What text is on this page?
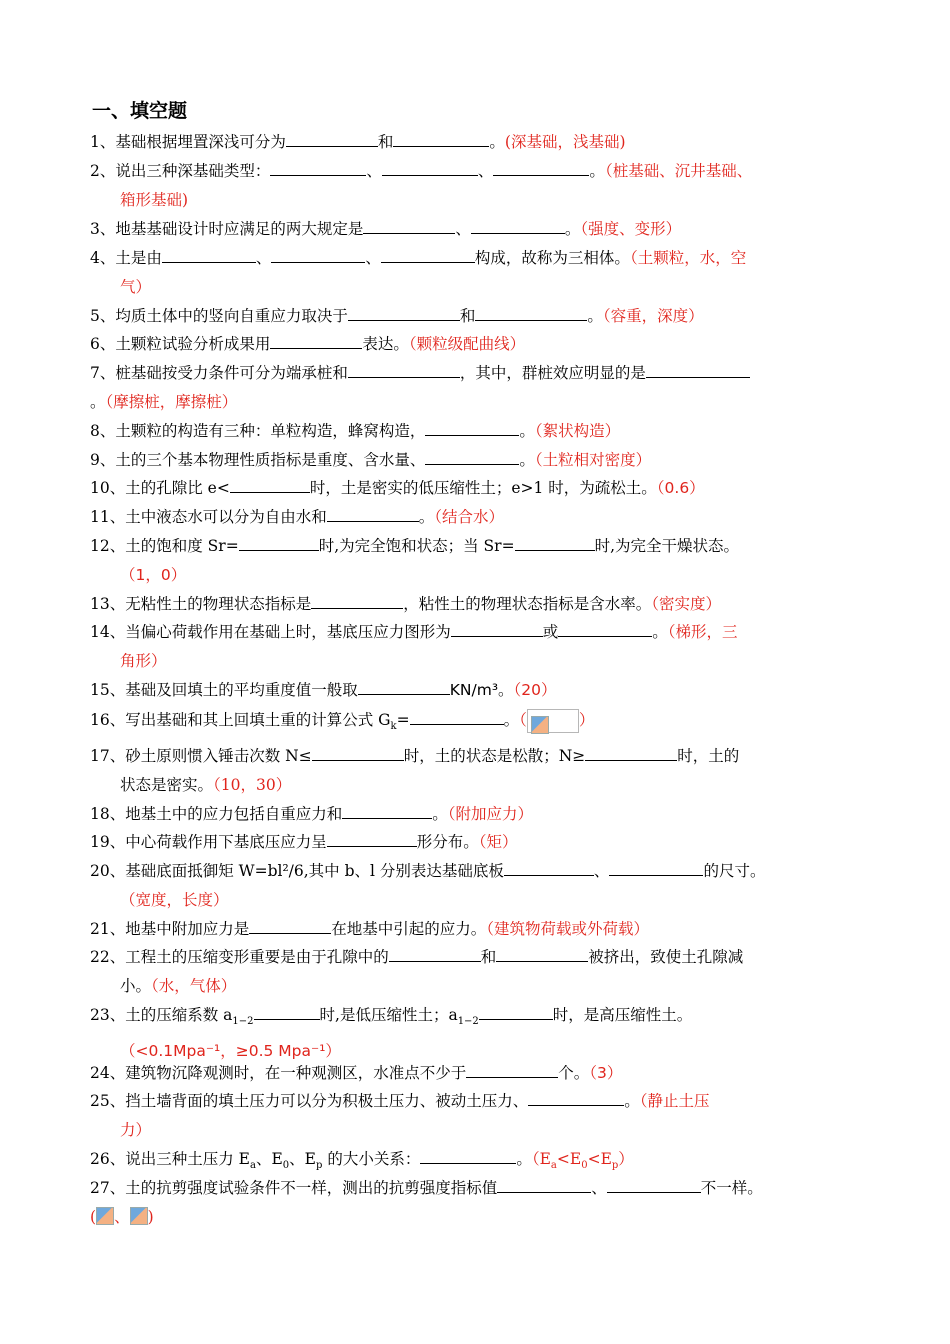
一、填空题
1、基础根据埋置深浅可分为	和	。(深基础，浅基础)
2、说出三种深基础类型：	、	、	。（桩基础、沉井基础、
箱形基础)
3、地基基础设计时应满足的两大规定是	、	。（强度、变形）
4、土是由	、	、	构成，故称为三相体。（土颗粒，水，空
气）
5、均质土体中的竖向自重应力取决于	和	。（容重，深度）
6、土颗粒试验分析成果用	表达。（颗粒级配曲线）
7、桩基础按受力条件可分为端承桩和	，其中，群桩效应明显的是
。（摩擦桩，摩擦桩）
8、土颗粒的构造有三种：单粒构造，蜂窝构造，	。（絮状构造）
9、土的三个基本物理性质指标是重度、含水量、	。（土粒相对密度）
10、土的孔隙比 e<	时，土是密实的低压缩性土；e>1 时，为疏松土。（0.6）
11、土中液态水可以分为自由水和	。（结合水）
12、土的饱和度 Sr=	时,为完全饱和状态；当 Sr=	时,为完全干燥状态。
（1，0）
13、无粘性土的物理状态指标是	，粘性土的物理状态指标是含水率。（密实度）
14、当偏心荷载作用在基础上时，基底压应力图形为	或	。（梯形，三
角形）
15、基础及回填土的平均重度值一般取	KN/m³。（20）
16、写出基础和其上回填土重的计算公式 $G_k=$	。（	）
17、砂土原则惯入锤击次数 N≤	时，土的状态是松散；N≥	时，土的
状态是密实。（10，30）
18、地基土中的应力包括自重应力和	。（附加应力）
19、中心荷载作用下基底压应力呈	形分布。（矩）
20、基础底面抵御矩 W=bl²/6,其中 b、l 分别表达基础底板	、	的尺寸。
（宽度，长度）
21、地基中附加应力是	在地基中引起的应力。（建筑物荷载或外荷载）
22、工程土的压缩变形重要是由于孔隙中的	和	被挤出，致使土孔隙减
小。（水，气体）
23、土的压缩系数 $a_{1-2}$	时,是低压缩性土；$a_{1-2}$	时，是高压缩性土。
（<0.1Mpa⁻¹，≥0.5 Mpa⁻¹）
24、建筑物沉降观测时，在一种观测区，水准点不少于	个。（3）
25、挡土墙背面的填土压力可以分为积极土压力、被动土压力、	。（静止土压
力）
26、说出三种土压力 $E_a$、$E_0$、$E_p$ 的大小关系：	。$(E_a<E_0<E_p)$
27、土的抗剪强度试验条件不一样，测出的抗剪强度指标值	、	不一样。
( 、 )
